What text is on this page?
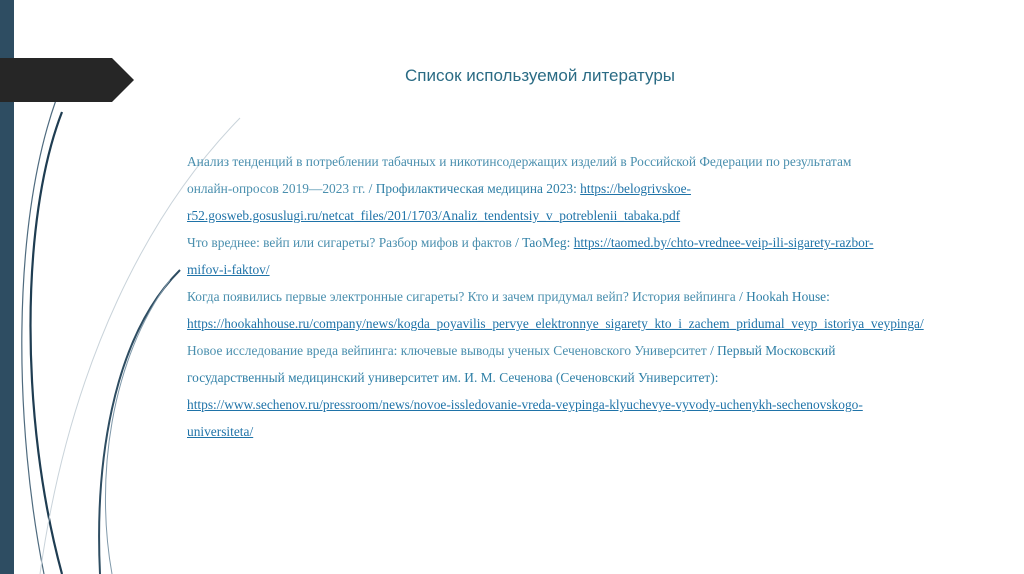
Список используемой литературы
Анализ тенденций в потреблении табачных и никотинсодержащих изделий в Российской Федерации по результатам онлайн-опросов 2019—2023 гг. / Профилактическая медицина 2023: https://belogrivskoe-r52.gosweb.gosuslugi.ru/netcat_files/201/1703/Analiz_tendentsiy_v_potreblenii_tabaka.pdf
Что вреднее: вейп или сигареты? Разбор мифов и фактов / TaoMeg: https://taomed.by/chto-vrednee-veip-ili-sigarety-razbor-mifov-i-faktov/
Когда появились первые электронные сигареты? Кто и зачем придумал вейп? История вейпинга / Hookah House: https://hookahhouse.ru/company/news/kogda_poyavilis_pervye_elektronnye_sigarety_kto_i_zachem_pridumal_veyp_istoriya_veypinga/
Новое исследование вреда вейпинга: ключевые выводы ученых Сеченовского Университет / Первый Московский государственный медицинский университет им. И. М. Сеченова (Сеченовский Университет): https://www.sechenov.ru/pressroom/news/novoe-issledovanie-vreda-veypinga-klyuchevye-vyvody-uchenykh-sechenovskogo-universiteta/
